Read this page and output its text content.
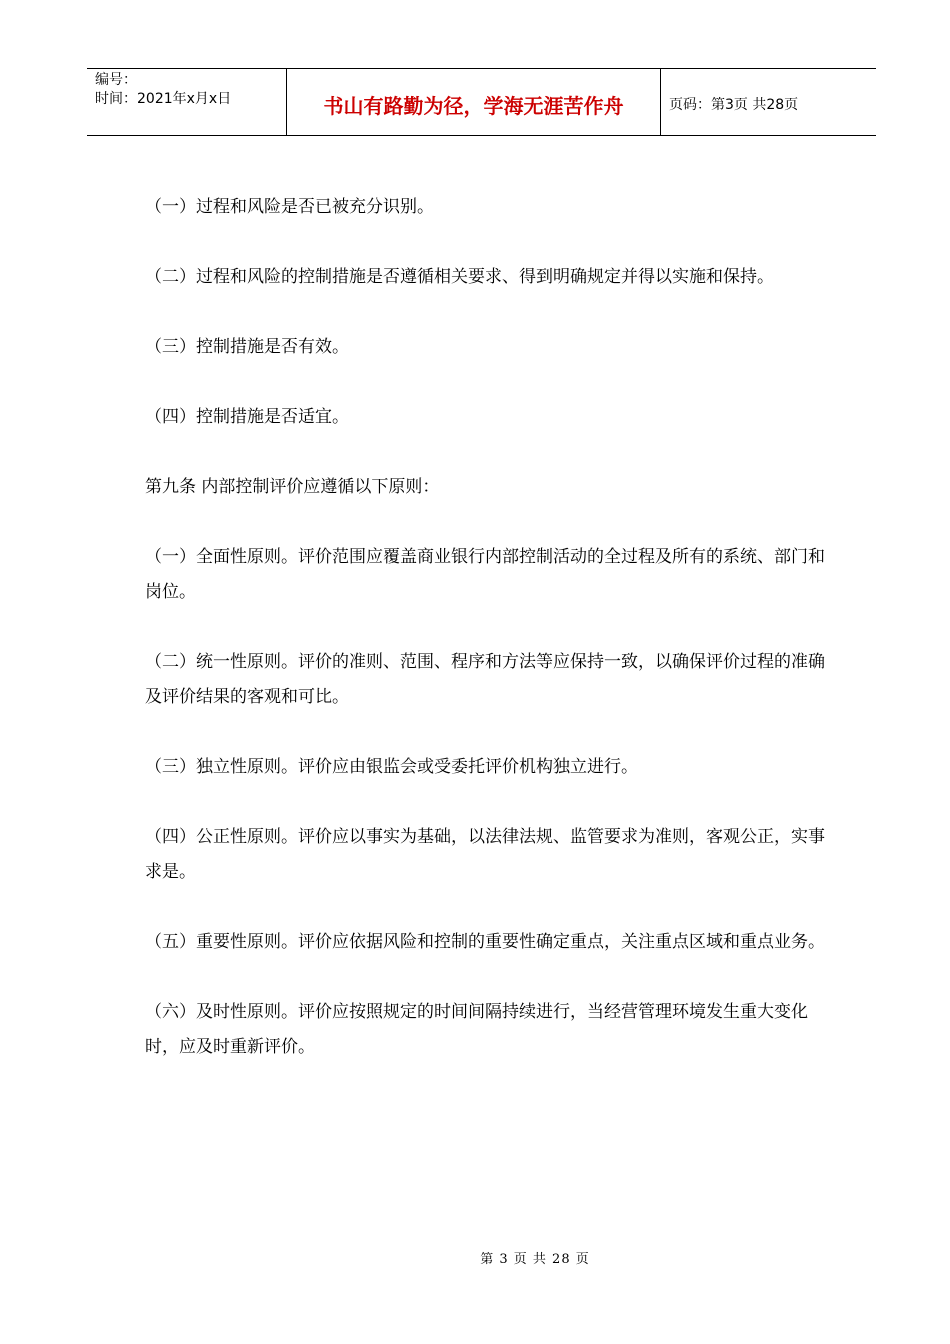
编号：
时间：2021年x月x日	书山有路勤为径，学海无涯苦作舟	页码：第3页 共28页

（一）过程和风险是否已被充分识别。

（二）过程和风险的控制措施是否遵循相关要求、得到明确规定并得以实施和保持。

（三）控制措施是否有效。

（四）控制措施是否适宜。

第九条 内部控制评价应遵循以下原则：

（一）全面性原则。评价范围应覆盖商业银行内部控制活动的全过程及所有的系统、部门和岗位。

（二）统一性原则。评价的准则、范围、程序和方法等应保持一致，以确保评价过程的准确及评价结果的客观和可比。

（三）独立性原则。评价应由银监会或受委托评价机构独立进行。

（四）公正性原则。评价应以事实为基础，以法律法规、监管要求为准则，客观公正，实事求是。

（五）重要性原则。评价应依据风险和控制的重要性确定重点，关注重点区域和重点业务。

（六）及时性原则。评价应按照规定的时间间隔持续进行，当经营管理环境发生重大变化时，应及时重新评价。

第 3 页 共 28 页
